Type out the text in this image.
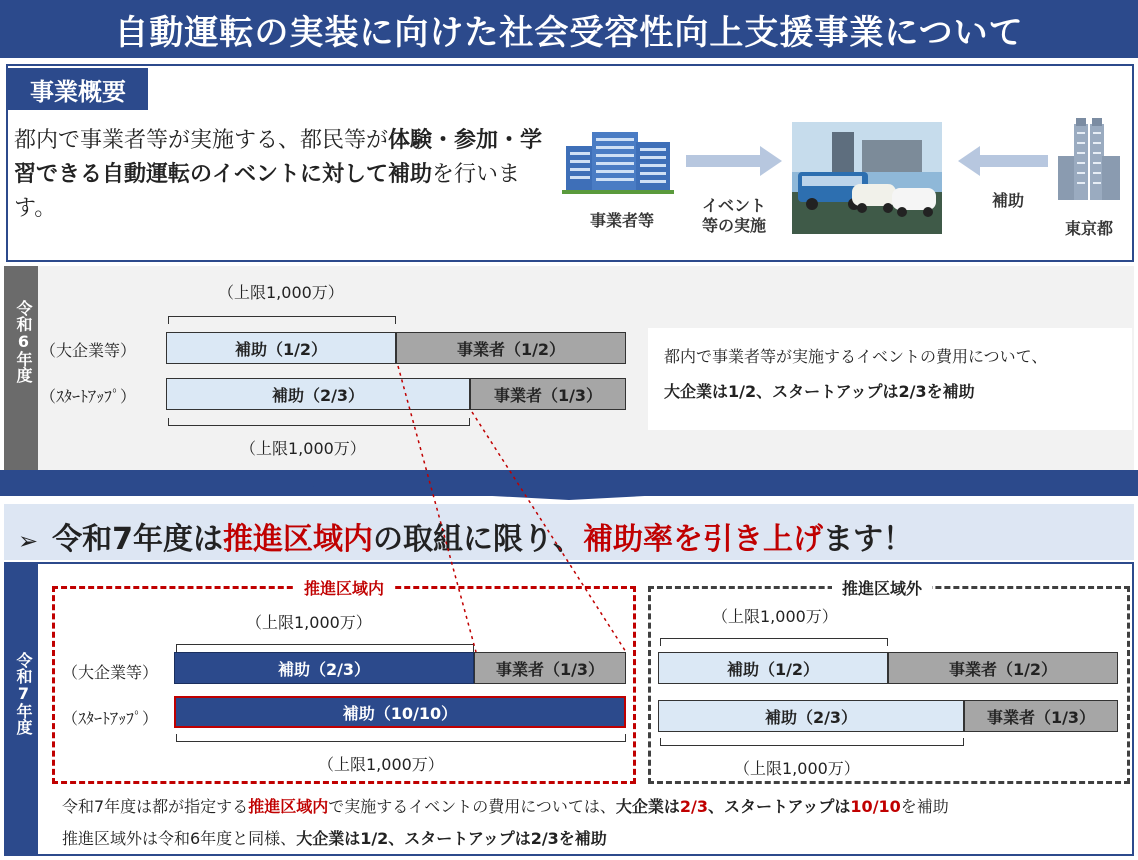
自動運転の実装に向けた社会受容性向上支援事業について
事業概要
都内で事業者等が実施する、都民等が体験・参加・学習できる自動運転のイベントに対して補助を行います。	事業者等
イベント
等の実施
補助
東京都
令和6年度
（上限1,000万）
（大企業等）	補助（1/2）	事業者（1/2）
（ｽﾀｰﾄｱｯﾌﾟ）	補助（2/3）	事業者（1/3）
（上限1,000万）
都内で事業者等が実施するイベントの費用について、
大企業は1/2、スタートアップは2/3を補助
➢ 令和7年度は推進区域内の取組に限り、補助率を引き上げます！
令和7年度
推進区域内
（上限1,000万）
（大企業等）	補助（2/3）	事業者（1/3）
（ｽﾀｰﾄｱｯﾌﾟ）	補助（10/10）
（上限1,000万）
推進区域外
（上限1,000万）
補助（1/2）	事業者（1/2）
補助（2/3）	事業者（1/3）
（上限1,000万）
令和7年度は都が指定する推進区域内で実施するイベントの費用については、大企業は2/3、スタートアップは10/10を補助
推進区域外は令和6年度と同様、大企業は1/2、スタートアップは2/3を補助
